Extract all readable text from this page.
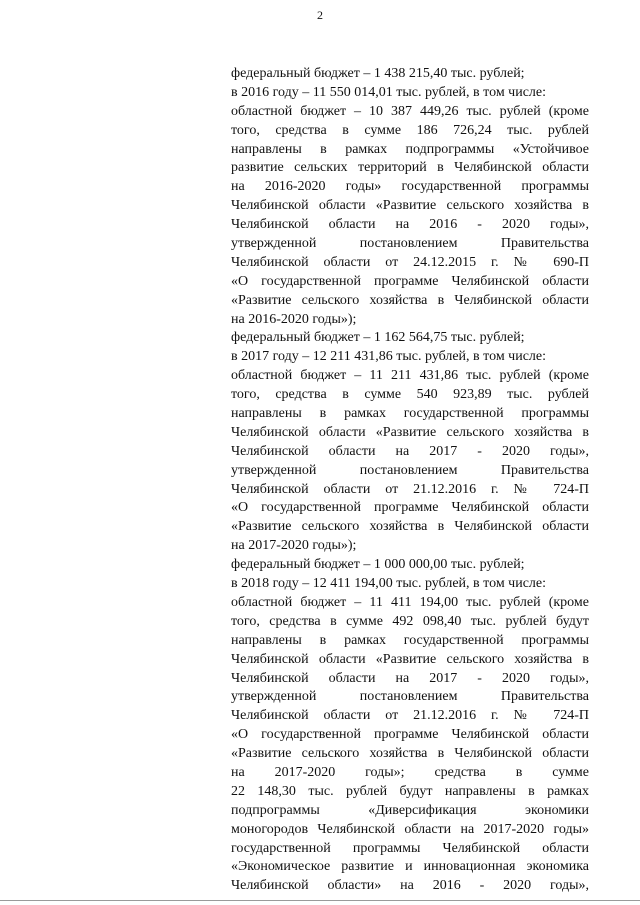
2
федеральный бюджет – 1 438 215,40 тыс. рублей;
в 2016 году – 11 550 014,01 тыс. рублей, в том числе:
областной бюджет – 10 387 449,26 тыс. рублей (кроме
того, средства в сумме 186 726,24 тыс. рублей
направлены в рамках подпрограммы «Устойчивое
развитие сельских территорий в Челябинской области
на 2016-2020 годы» государственной программы
Челябинской области «Развитие сельского хозяйства в
Челябинской области на 2016 - 2020 годы»,
утвержденной постановлением Правительства
Челябинской области от 24.12.2015 г. № 690-П
«О государственной программе Челябинской области
«Развитие сельского хозяйства в Челябинской области
на 2016-2020 годы»);
федеральный бюджет – 1 162 564,75 тыс. рублей;
в 2017 году – 12 211 431,86 тыс. рублей, в том числе:
областной бюджет – 11 211 431,86 тыс. рублей (кроме
того, средства в сумме 540 923,89 тыс. рублей
направлены в рамках государственной программы
Челябинской области «Развитие сельского хозяйства в
Челябинской области на 2017 - 2020 годы»,
утвержденной постановлением Правительства
Челябинской области от 21.12.2016 г. № 724-П
«О государственной программе Челябинской области
«Развитие сельского хозяйства в Челябинской области
на 2017-2020 годы»);
федеральный бюджет – 1 000 000,00 тыс. рублей;
в 2018 году – 12 411 194,00 тыс. рублей, в том числе:
областной бюджет – 11 411 194,00 тыс. рублей (кроме
того, средства в сумме 492 098,40 тыс. рублей будут
направлены в рамках государственной программы
Челябинской области «Развитие сельского хозяйства в
Челябинской области на 2017 - 2020 годы»,
утвержденной постановлением Правительства
Челябинской области от 21.12.2016 г. № 724-П
«О государственной программе Челябинской области
«Развитие сельского хозяйства в Челябинской области
на 2017-2020 годы»; средства в сумме
22 148,30 тыс. рублей будут направлены в рамках
подпрограммы «Диверсификация экономики
моногородов Челябинской области на 2017-2020 годы»
государственной программы Челябинской области
«Экономическое развитие и инновационная экономика
Челябинской области» на 2016 - 2020 годы»,
